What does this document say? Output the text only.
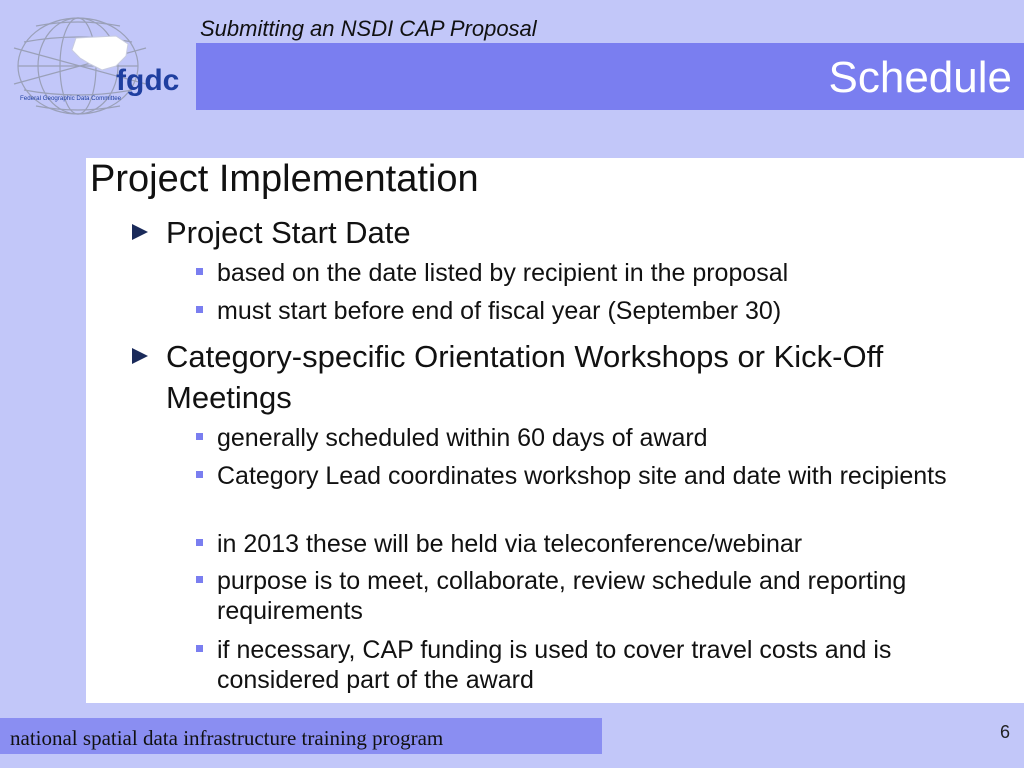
fgdc
Federal Geographic Data Committee
Submitting an NSDI CAP Proposal
Schedule
Project Implementation
Project Start Date
based on the date listed by recipient in the proposal
must start before end of fiscal year (September 30)
Category-specific Orientation Workshops or Kick-Off Meetings
generally scheduled within 60 days of award
Category Lead coordinates workshop site and date with recipients
in 2013 these will be held via teleconference/webinar
purpose is to meet, collaborate, review schedule and reporting requirements
if necessary, CAP funding is used to cover travel costs and is considered part of the award
national spatial data infrastructure training program	6
